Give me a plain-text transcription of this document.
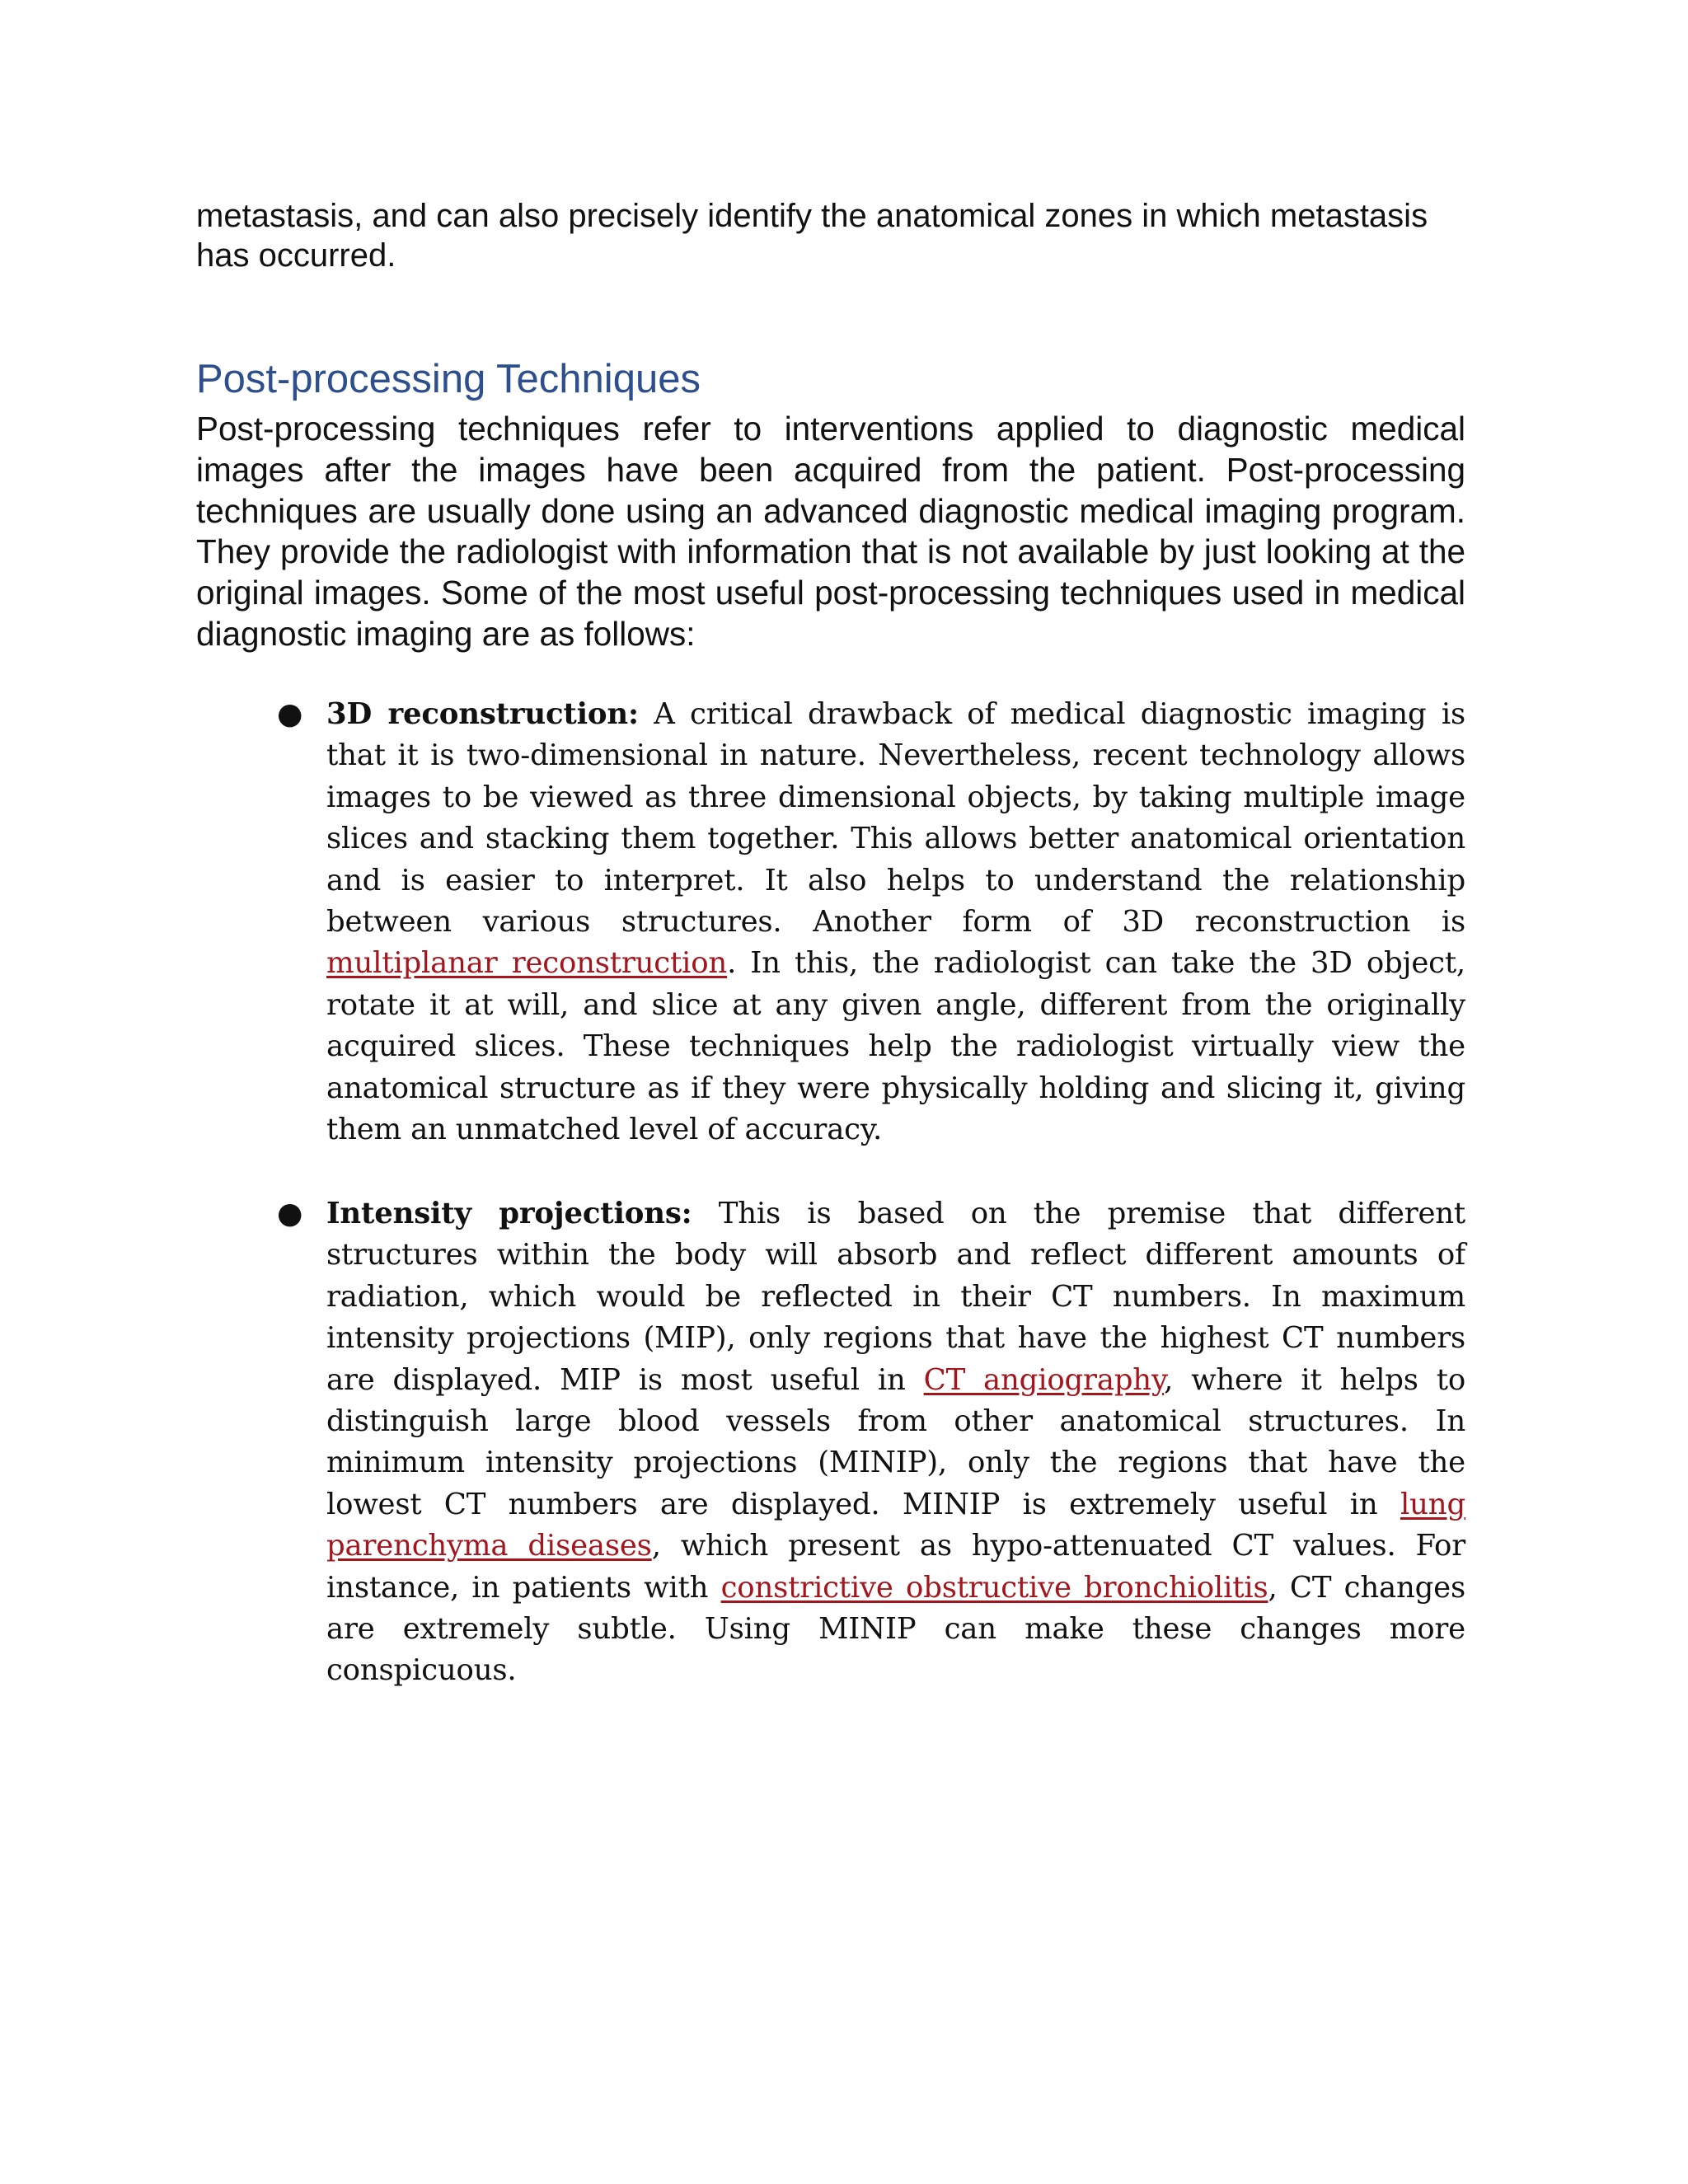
metastasis, and can also precisely identify the anatomical zones in which metastasis has occurred.
Post-processing Techniques
Post-processing techniques refer to interventions applied to diagnostic medical images after the images have been acquired from the patient. Post-processing techniques are usually done using an advanced diagnostic medical imaging program. They provide the radiologist with information that is not available by just looking at the original images. Some of the most useful post-processing techniques used in medical diagnostic imaging are as follows:
● 3D reconstruction: A critical drawback of medical diagnostic imaging is that it is two-dimensional in nature. Nevertheless, recent technology allows images to be viewed as three dimensional objects, by taking multiple image slices and stacking them together. This allows better anatomical orientation and is easier to interpret. It also helps to understand the relationship between various structures. Another form of 3D reconstruction is multiplanar reconstruction. In this, the radiologist can take the 3D object, rotate it at will, and slice at any given angle, different from the originally acquired slices. These techniques help the radiologist virtually view the anatomical structure as if they were physically holding and slicing it, giving them an unmatched level of accuracy.
● Intensity projections: This is based on the premise that different structures within the body will absorb and reflect different amounts of radiation, which would be reflected in their CT numbers. In maximum intensity projections (MIP), only regions that have the highest CT numbers are displayed. MIP is most useful in CT angiography, where it helps to distinguish large blood vessels from other anatomical structures. In minimum intensity projections (MINIP), only the regions that have the lowest CT numbers are displayed. MINIP is extremely useful in lung parenchyma diseases, which present as hypo-attenuated CT values. For instance, in patients with constrictive obstructive bronchiolitis, CT changes are extremely subtle. Using MINIP can make these changes more conspicuous.
